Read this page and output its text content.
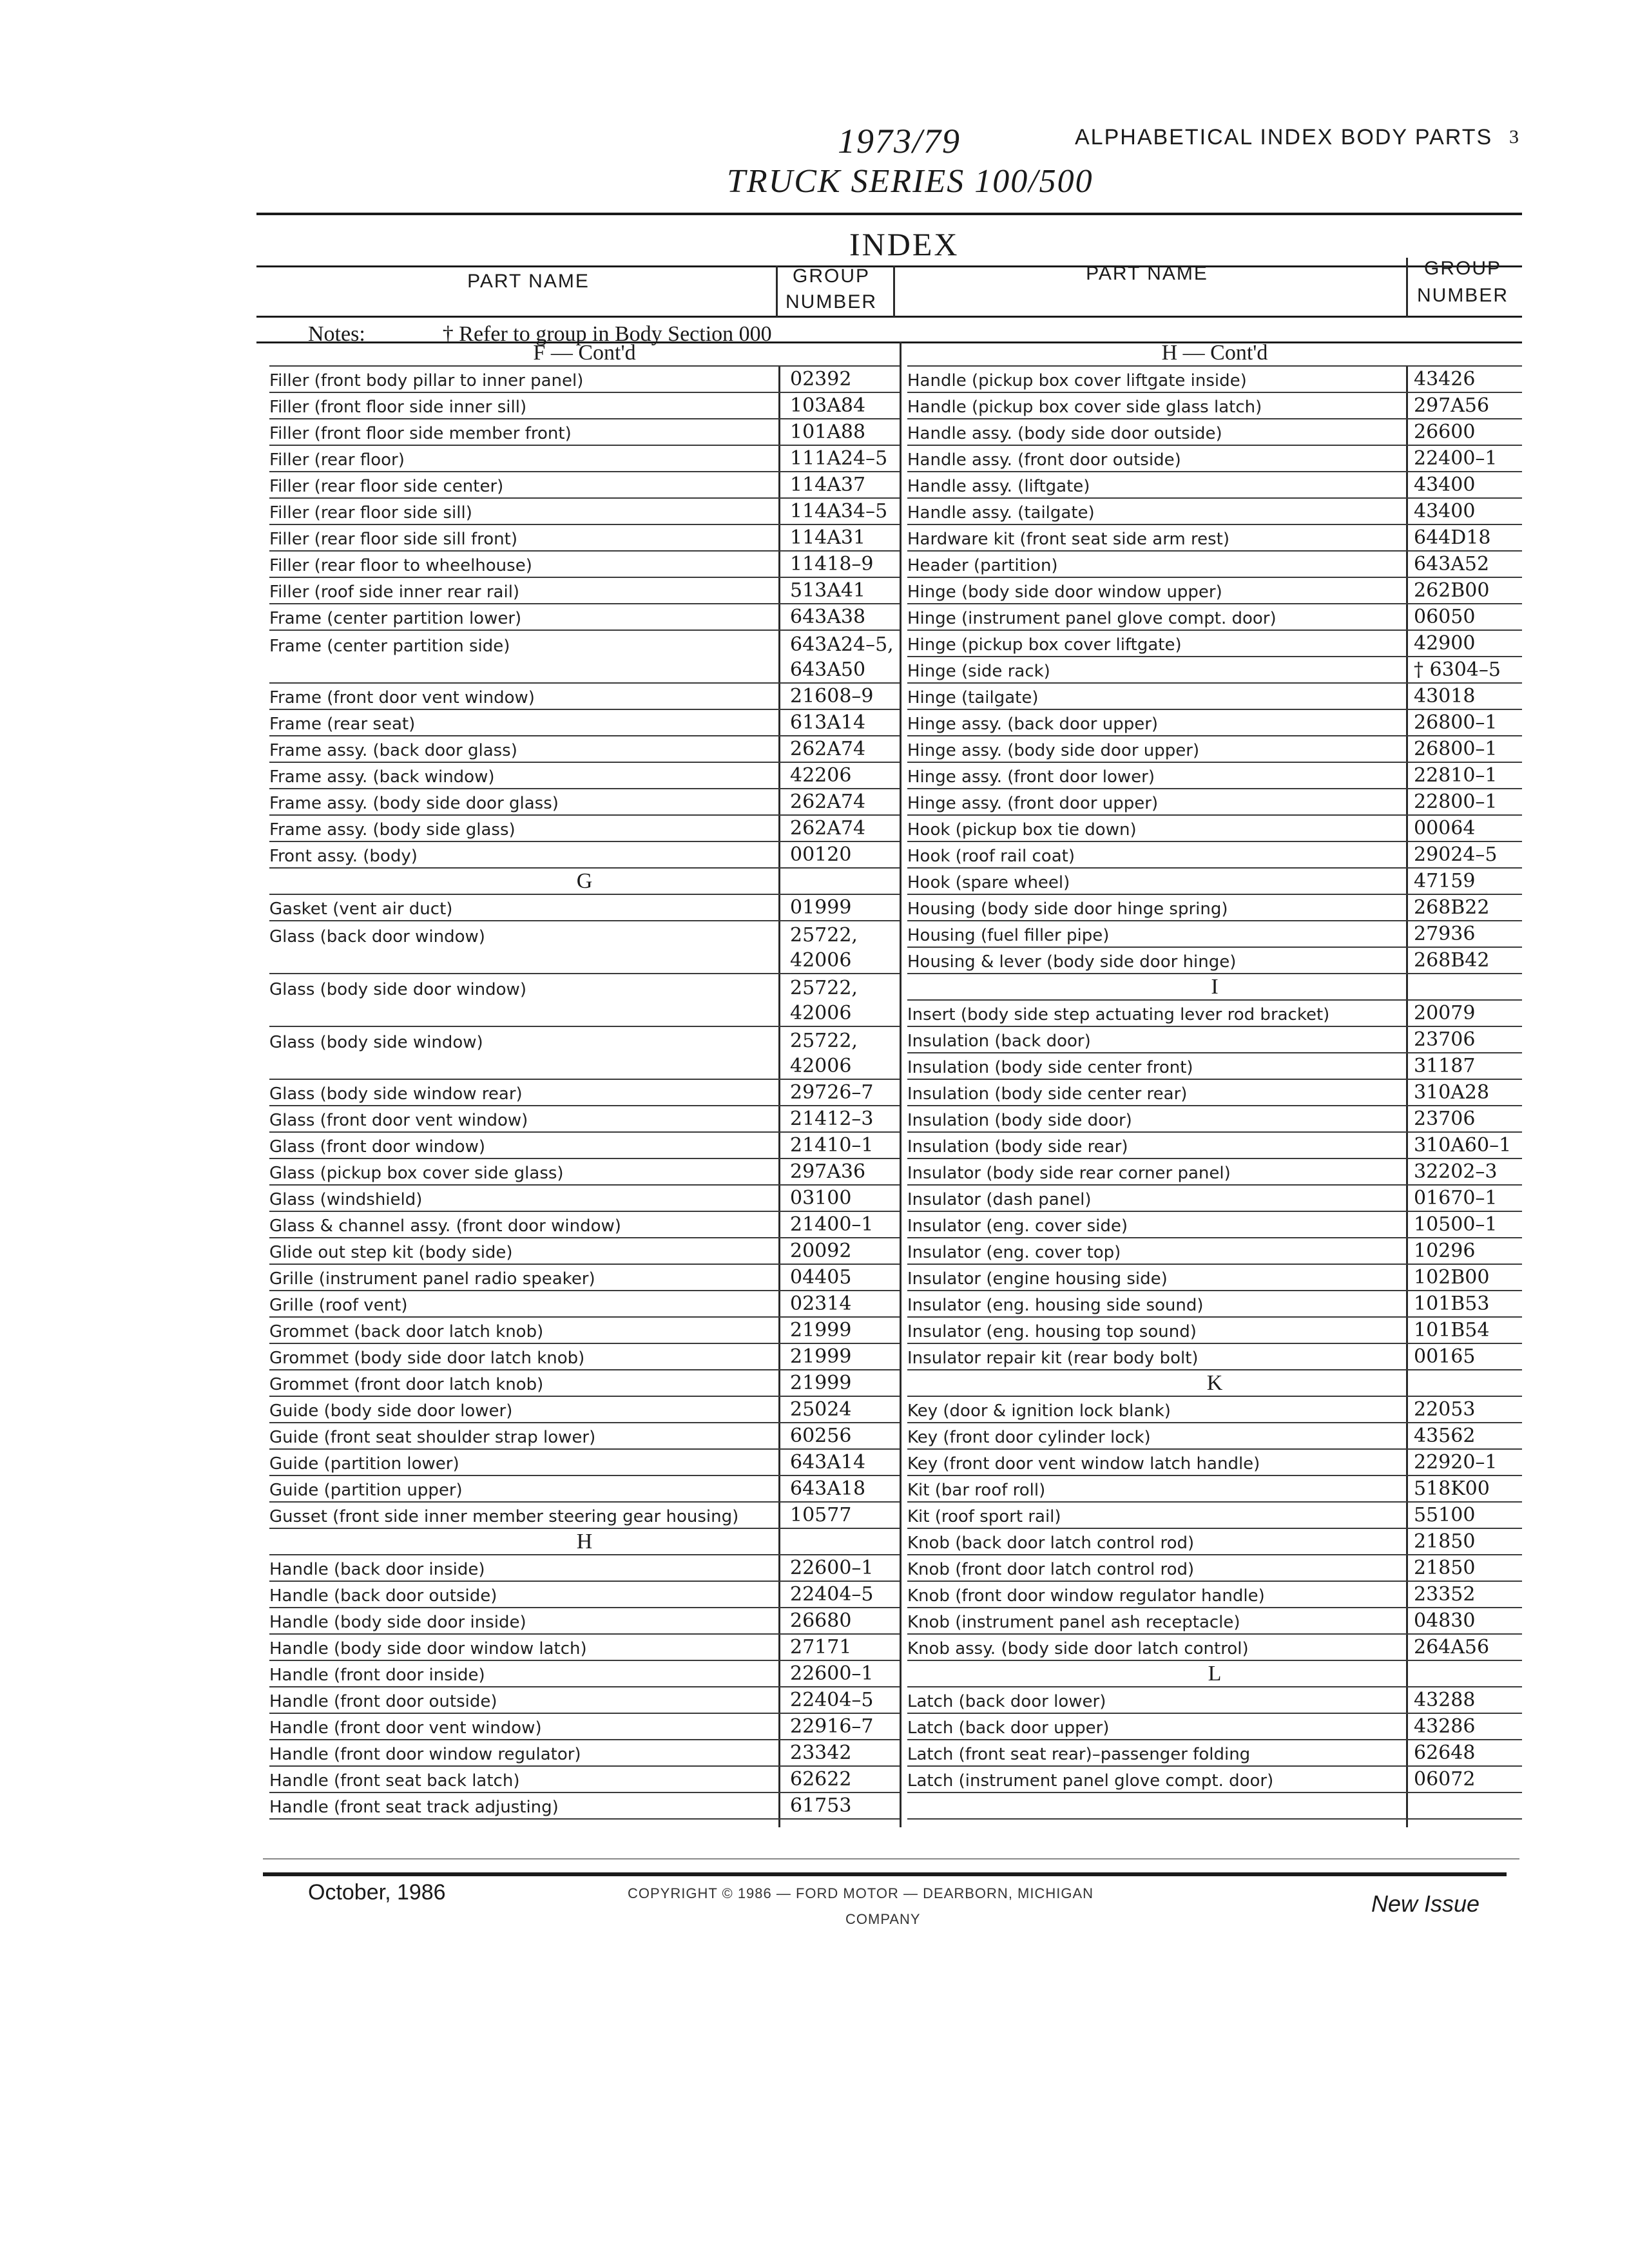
1973/79	ALPHABETICAL INDEX BODY PARTS 3
TRUCK SERIES 100/500
INDEX
PART NAME	GROUP
NUMBER
PART NAME	GROUP
NUMBER
Notes:	† Refer to group in Body Section 000
F — Cont'd
Filler (front body pillar to inner panel)	02392
Filler (front floor side inner sill)	103A84
Filler (front floor side member front)	101A88
Filler (rear floor)	111A24–5
Filler (rear floor side center)	114A37
Filler (rear floor side sill)	114A34–5
Filler (rear floor side sill front)	114A31
Filler (rear floor to wheelhouse)	11418–9
Filler (roof side inner rear rail)	513A41
Frame (center partition lower)	643A38
Frame (center partition side)	643A24–5,
643A50
Frame (front door vent window)	21608–9
Frame (rear seat)	613A14
Frame assy. (back door glass)	262A74
Frame assy. (back window)	42206
Frame assy. (body side door glass)	262A74
Frame assy. (body side glass)	262A74
Front assy. (body)	00120
G
Gasket (vent air duct)	01999
Glass (back door window)	25722,
42006
Glass (body side door window)	25722,
42006
Glass (body side window)	25722,
42006
Glass (body side window rear)	29726–7
Glass (front door vent window)	21412–3
Glass (front door window)	21410–1
Glass (pickup box cover side glass)	297A36
Glass (windshield)	03100
Glass & channel assy. (front door window)	21400–1
Glide out step kit (body side)	20092
Grille (instrument panel radio speaker)	04405
Grille (roof vent)	02314
Grommet (back door latch knob)	21999
Grommet (body side door latch knob)	21999
Grommet (front door latch knob)	21999
Guide (body side door lower)	25024
Guide (front seat shoulder strap lower)	60256
Guide (partition lower)	643A14
Guide (partition upper)	643A18
Gusset (front side inner member steering gear housing)	10577
H
Handle (back door inside)	22600–1
Handle (back door outside)	22404–5
Handle (body side door inside)	26680
Handle (body side door window latch)	27171
Handle (front door inside)	22600–1
Handle (front door outside)	22404–5
Handle (front door vent window)	22916–7
Handle (front door window regulator)	23342
Handle (front seat back latch)	62622
Handle (front seat track adjusting)	61753
H — Cont'd
Handle (pickup box cover liftgate inside)	43426
Handle (pickup box cover side glass latch)	297A56
Handle assy. (body side door outside)	26600
Handle assy. (front door outside)	22400–1
Handle assy. (liftgate)	43400
Handle assy. (tailgate)	43400
Hardware kit (front seat side arm rest)	644D18
Header (partition)	643A52
Hinge (body side door window upper)	262B00
Hinge (instrument panel glove compt. door)	06050
Hinge (pickup box cover liftgate)	42900
Hinge (side rack)	† 6304–5
Hinge (tailgate)	43018
Hinge assy. (back door upper)	26800–1
Hinge assy. (body side door upper)	26800–1
Hinge assy. (front door lower)	22810–1
Hinge assy. (front door upper)	22800–1
Hook (pickup box tie down)	00064
Hook (roof rail coat)	29024–5
Hook (spare wheel)	47159
Housing (body side door hinge spring)	268B22
Housing (fuel filler pipe)	27936
Housing & lever (body side door hinge)	268B42
I
Insert (body side step actuating lever rod bracket)	20079
Insulation (back door)	23706
Insulation (body side center front)	31187
Insulation (body side center rear)	310A28
Insulation (body side door)	23706
Insulation (body side rear)	310A60–1
Insulator (body side rear corner panel)	32202–3
Insulator (dash panel)	01670–1
Insulator (eng. cover side)	10500–1
Insulator (eng. cover top)	10296
Insulator (engine housing side)	102B00
Insulator (eng. housing side sound)	101B53
Insulator (eng. housing top sound)	101B54
Insulator repair kit (rear body bolt)	00165
K
Key (door & ignition lock blank)	22053
Key (front door cylinder lock)	43562
Key (front door vent window latch handle)	22920–1
Kit (bar roof roll)	518K00
Kit (roof sport rail)	55100
Knob (back door latch control rod)	21850
Knob (front door latch control rod)	21850
Knob (front door window regulator handle)	23352
Knob (instrument panel ash receptacle)	04830
Knob assy. (body side door latch control)	264A56
L
Latch (back door lower)	43288
Latch (back door upper)	43286
Latch (front seat rear)–passenger folding	62648
Latch (instrument panel glove compt. door)	06072
October, 1986	COPYRIGHT © 1986 — FORD MOTOR — DEARBORN, MICHIGAN
COMPANY
New Issue
